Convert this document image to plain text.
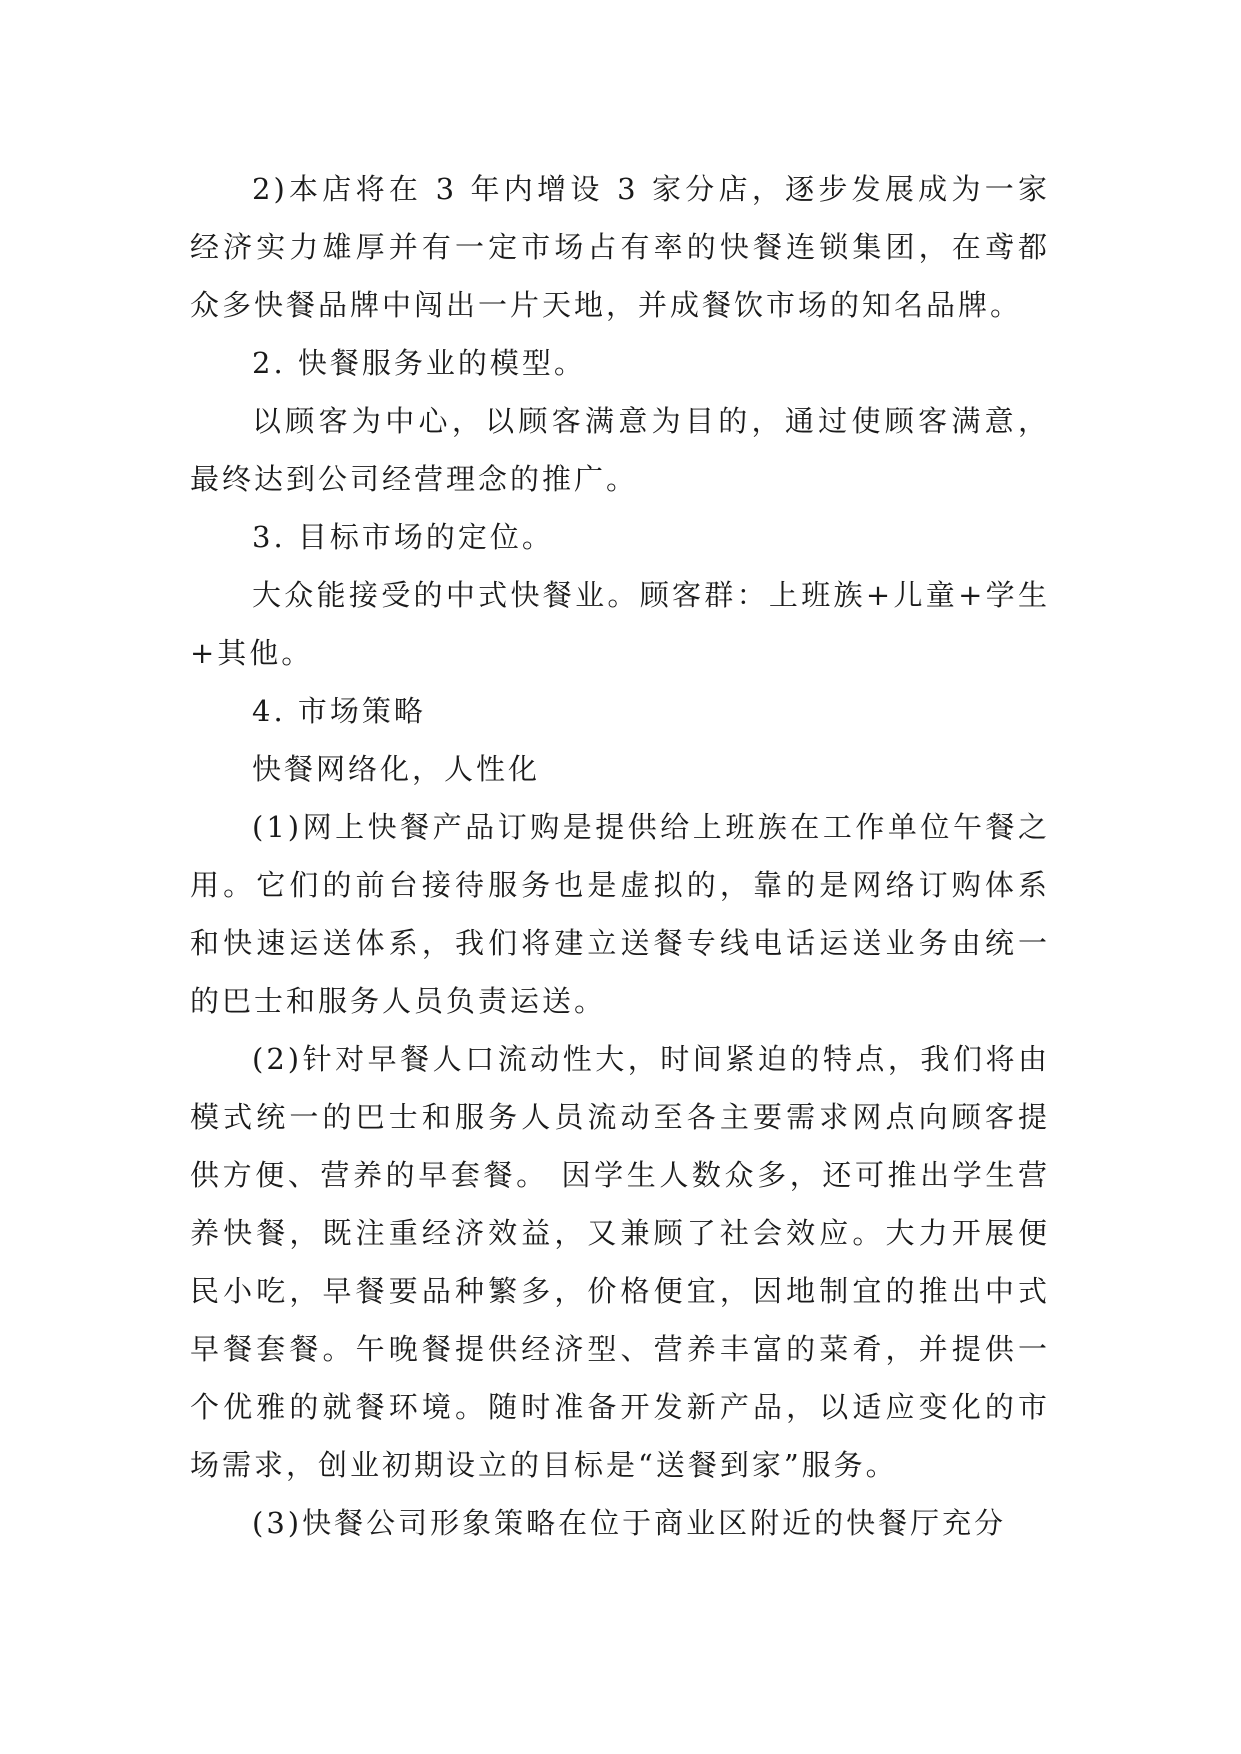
2)本店将在 3 年内增设 3 家分店，逐步发展成为一家经济实力雄厚并有一定市场占有率的快餐连锁集团，在鸢都众多快餐品牌中闯出一片天地，并成餐饮市场的知名品牌。

2. 快餐服务业的模型。

以顾客为中心，以顾客满意为目的，通过使顾客满意，最终达到公司经营理念的推广。

3. 目标市场的定位。

大众能接受的中式快餐业。顾客群：上班族+儿童+学生+其他。

4. 市场策略

快餐网络化，人性化

(1)网上快餐产品订购是提供给上班族在工作单位午餐之用。它们的前台接待服务也是虚拟的，靠的是网络订购体系和快速运送体系，我们将建立送餐专线电话运送业务由统一的巴士和服务人员负责运送。

(2)针对早餐人口流动性大，时间紧迫的特点，我们将由模式统一的巴士和服务人员流动至各主要需求网点向顾客提供方便、营养的早套餐。 因学生人数众多，还可推出学生营养快餐，既注重经济效益，又兼顾了社会效应。大力开展便民小吃，早餐要品种繁多，价格便宜，因地制宜的推出中式早餐套餐。午晚餐提供经济型、营养丰富的菜肴，并提供一个优雅的就餐环境。随时准备开发新产品，以适应变化的市场需求，创业初期设立的目标是“送餐到家”服务。

(3)快餐公司形象策略在位于商业区附近的快餐厅充分
